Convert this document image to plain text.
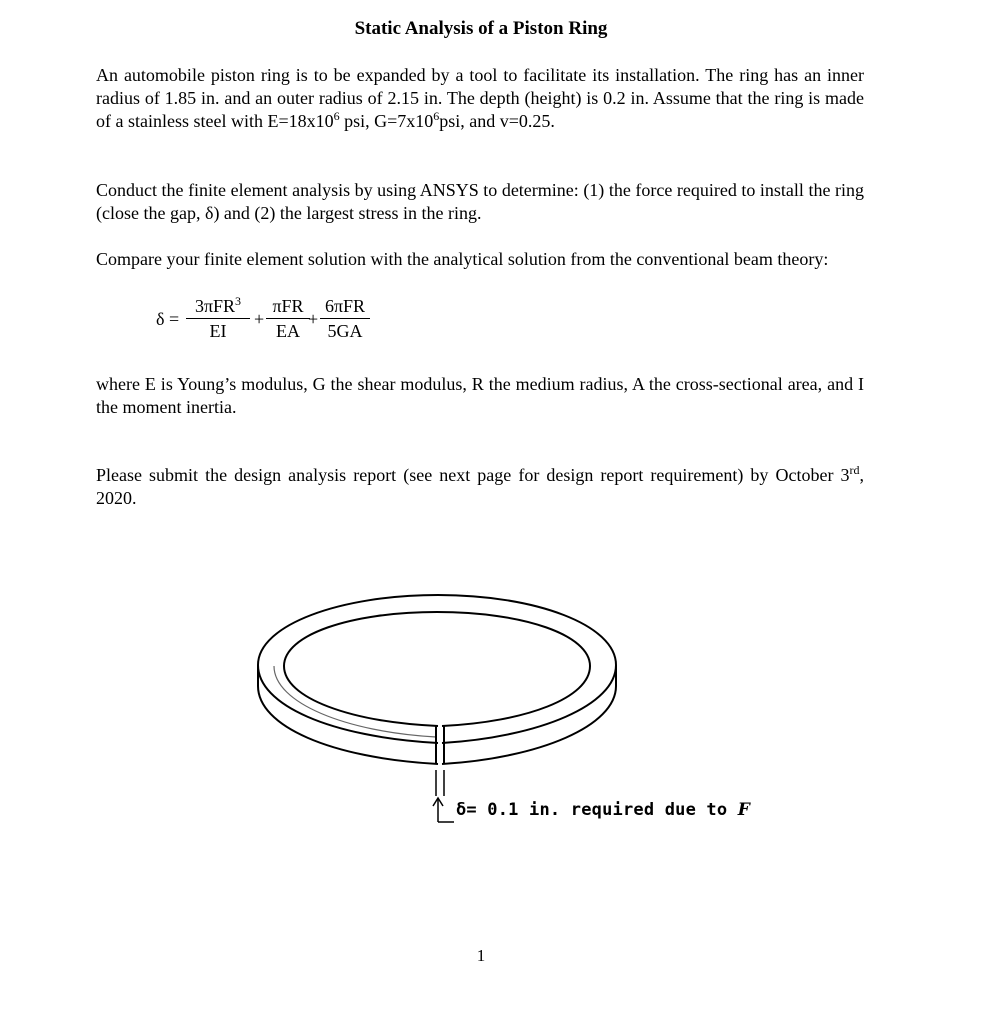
Static Analysis of a Piston Ring
An automobile piston ring is to be expanded by a tool to facilitate its installation. The ring has an inner radius of 1.85 in. and an outer radius of 2.15 in. The depth (height) is 0.2 in. Assume that the ring is made of a stainless steel with $E=18x10^6$ psi, $G=7x10^6psi$, and v=0.25.
Conduct the finite element analysis by using ANSYS to determine: (1) the force required to install the ring (close the gap, δ) and (2) the largest stress in the ring.
Compare your finite element solution with the analytical solution from the conventional beam theory:
δ =
3πFR$^3$
EI
+
πFR
EA
+
6πFR
5GA
where E is Young’s modulus, G the shear modulus, R the medium radius, A the cross-sectional area, and I the moment inertia.
Please submit the design analysis report (see next page for design report requirement) by October 3rd, 2020.
δ= 0.1 in. required due to F
1
